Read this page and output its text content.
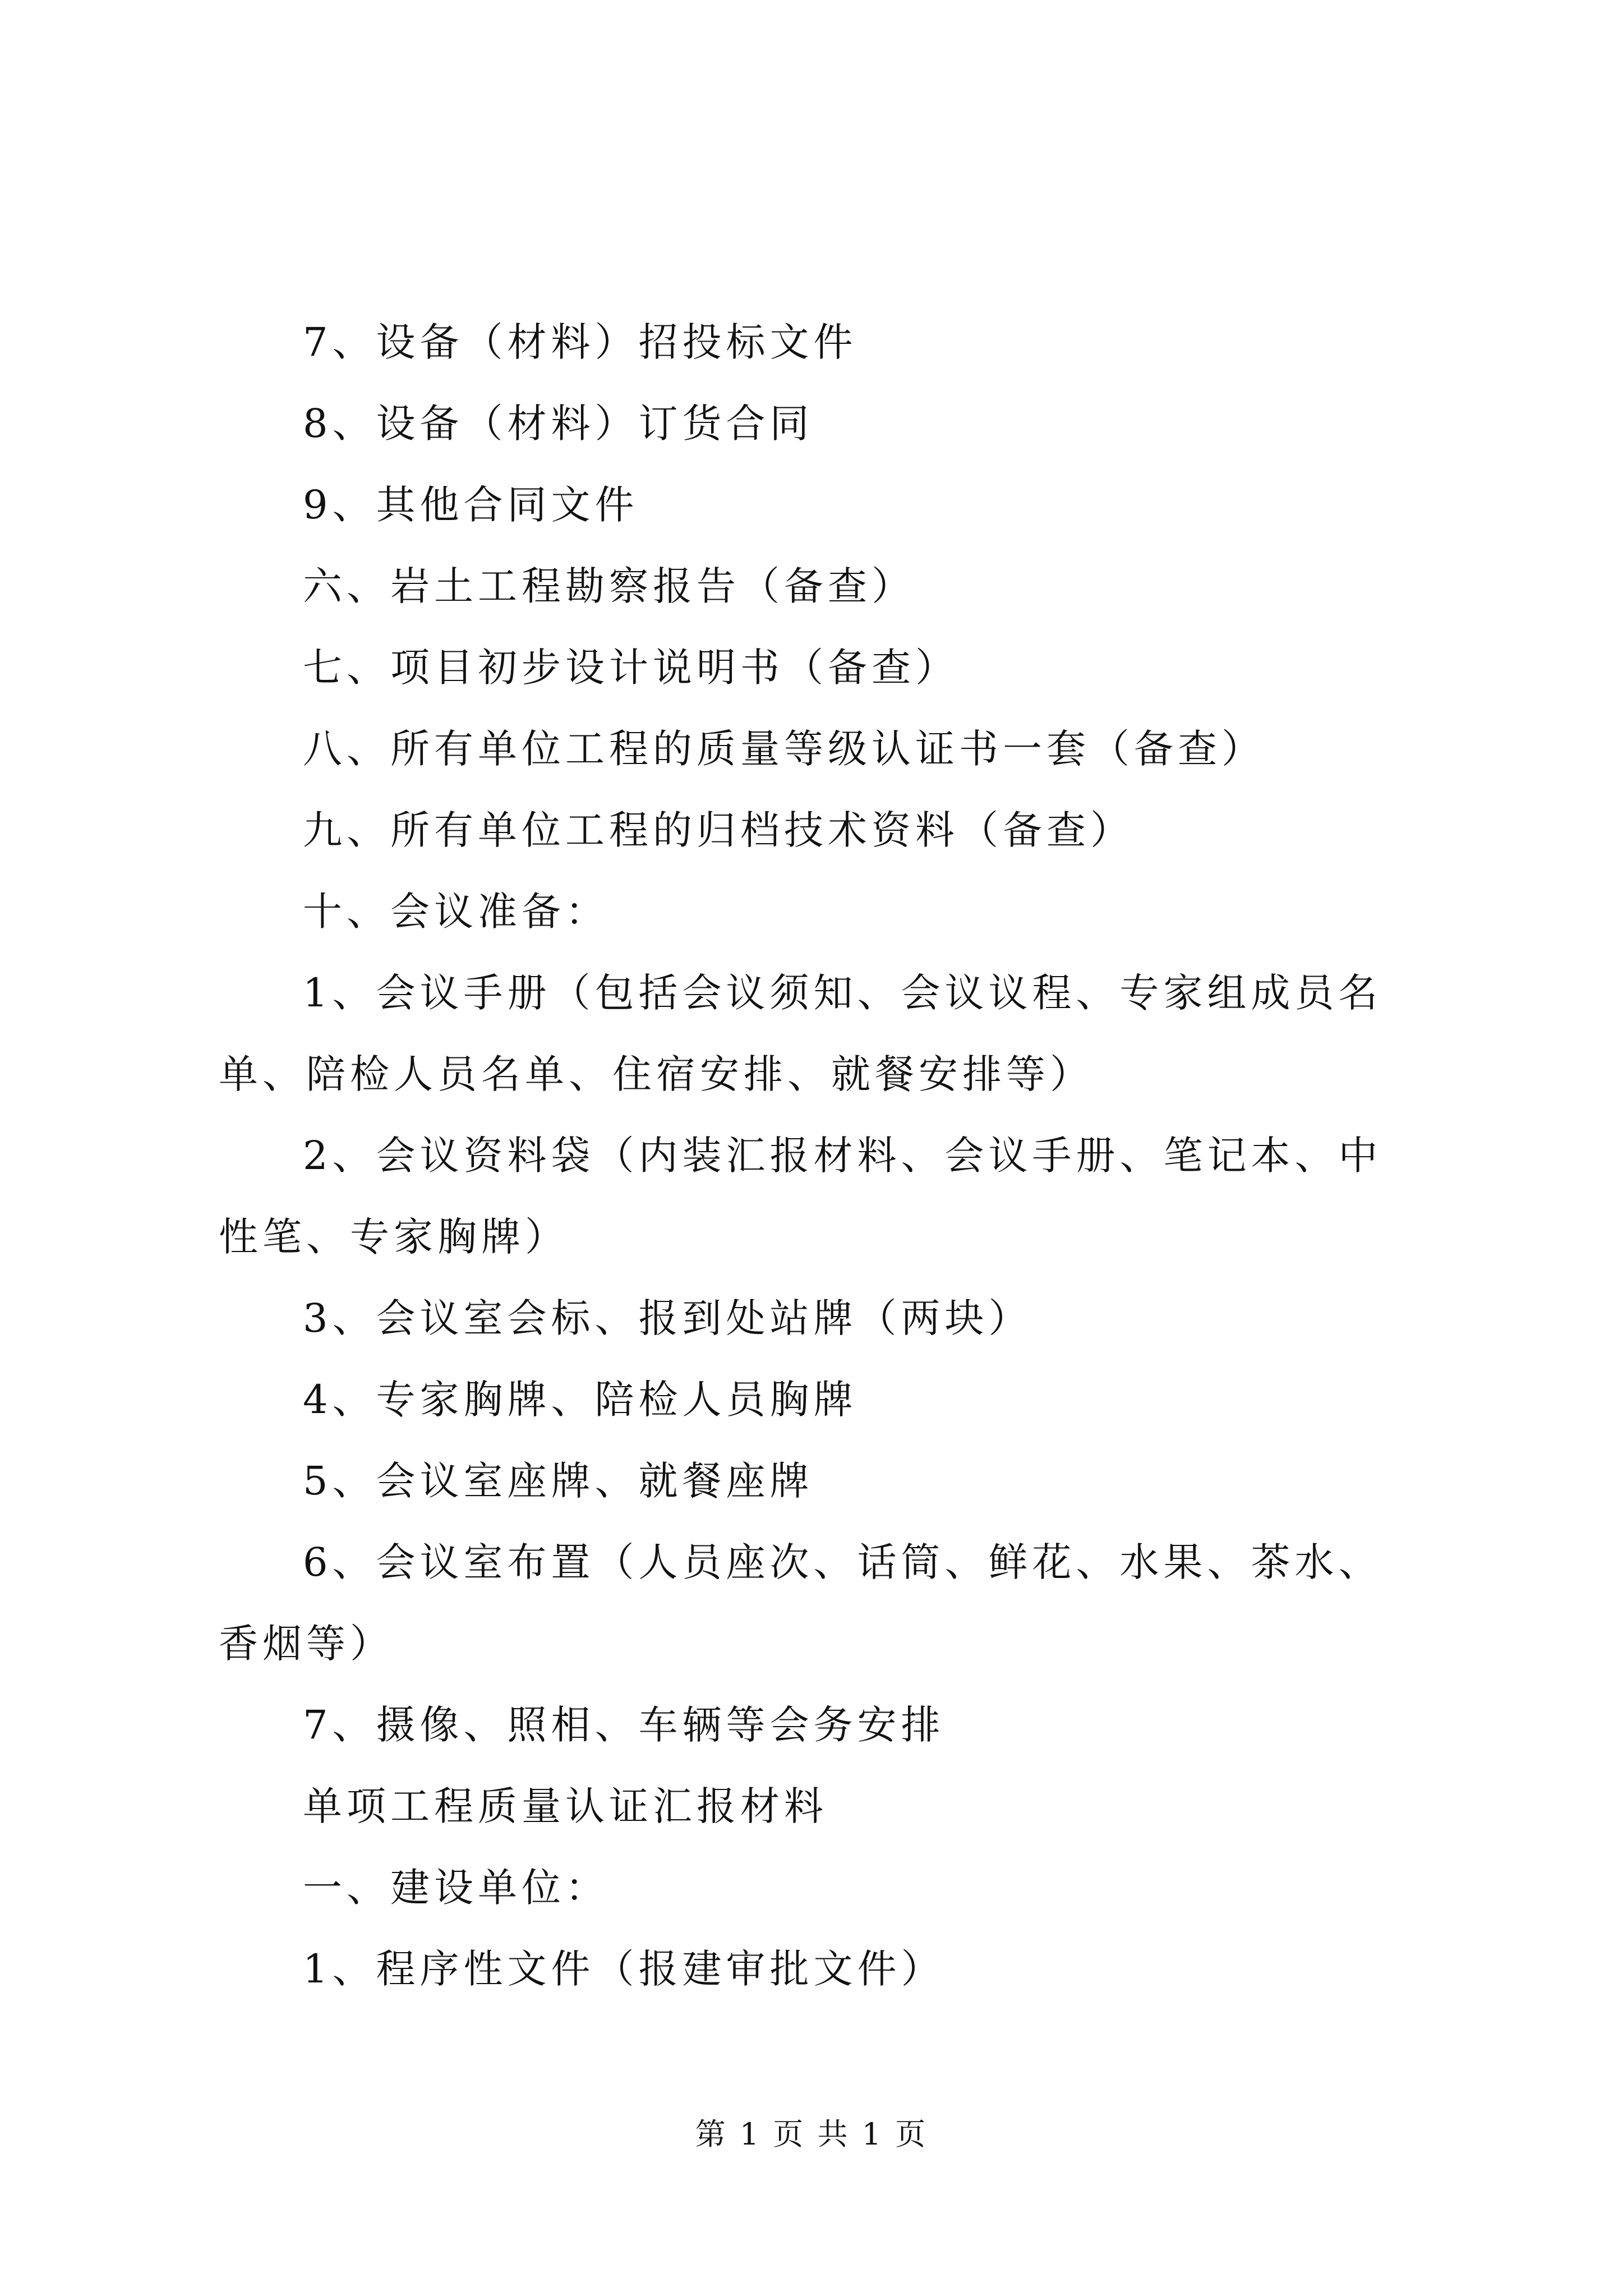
7、设备（材料）招投标文件

8、设备（材料）订货合同

9、其他合同文件

六、岩土工程勘察报告（备查）

七、项目初步设计说明书（备查）

八、所有单位工程的质量等级认证书一套（备查）

九、所有单位工程的归档技术资料（备查）

十、会议准备：

1、会议手册（包括会议须知、会议议程、专家组成员名单、陪检人员名单、住宿安排、就餐安排等）

2、会议资料袋（内装汇报材料、会议手册、笔记本、中性笔、专家胸牌）

3、会议室会标、报到处站牌（两块）

4、专家胸牌、陪检人员胸牌

5、会议室座牌、就餐座牌

6、会议室布置（人员座次、话筒、鲜花、水果、茶水、香烟等）

7、摄像、照相、车辆等会务安排

单项工程质量认证汇报材料

一、建设单位：

1、程序性文件（报建审批文件）

第 1 页 共 1 页
